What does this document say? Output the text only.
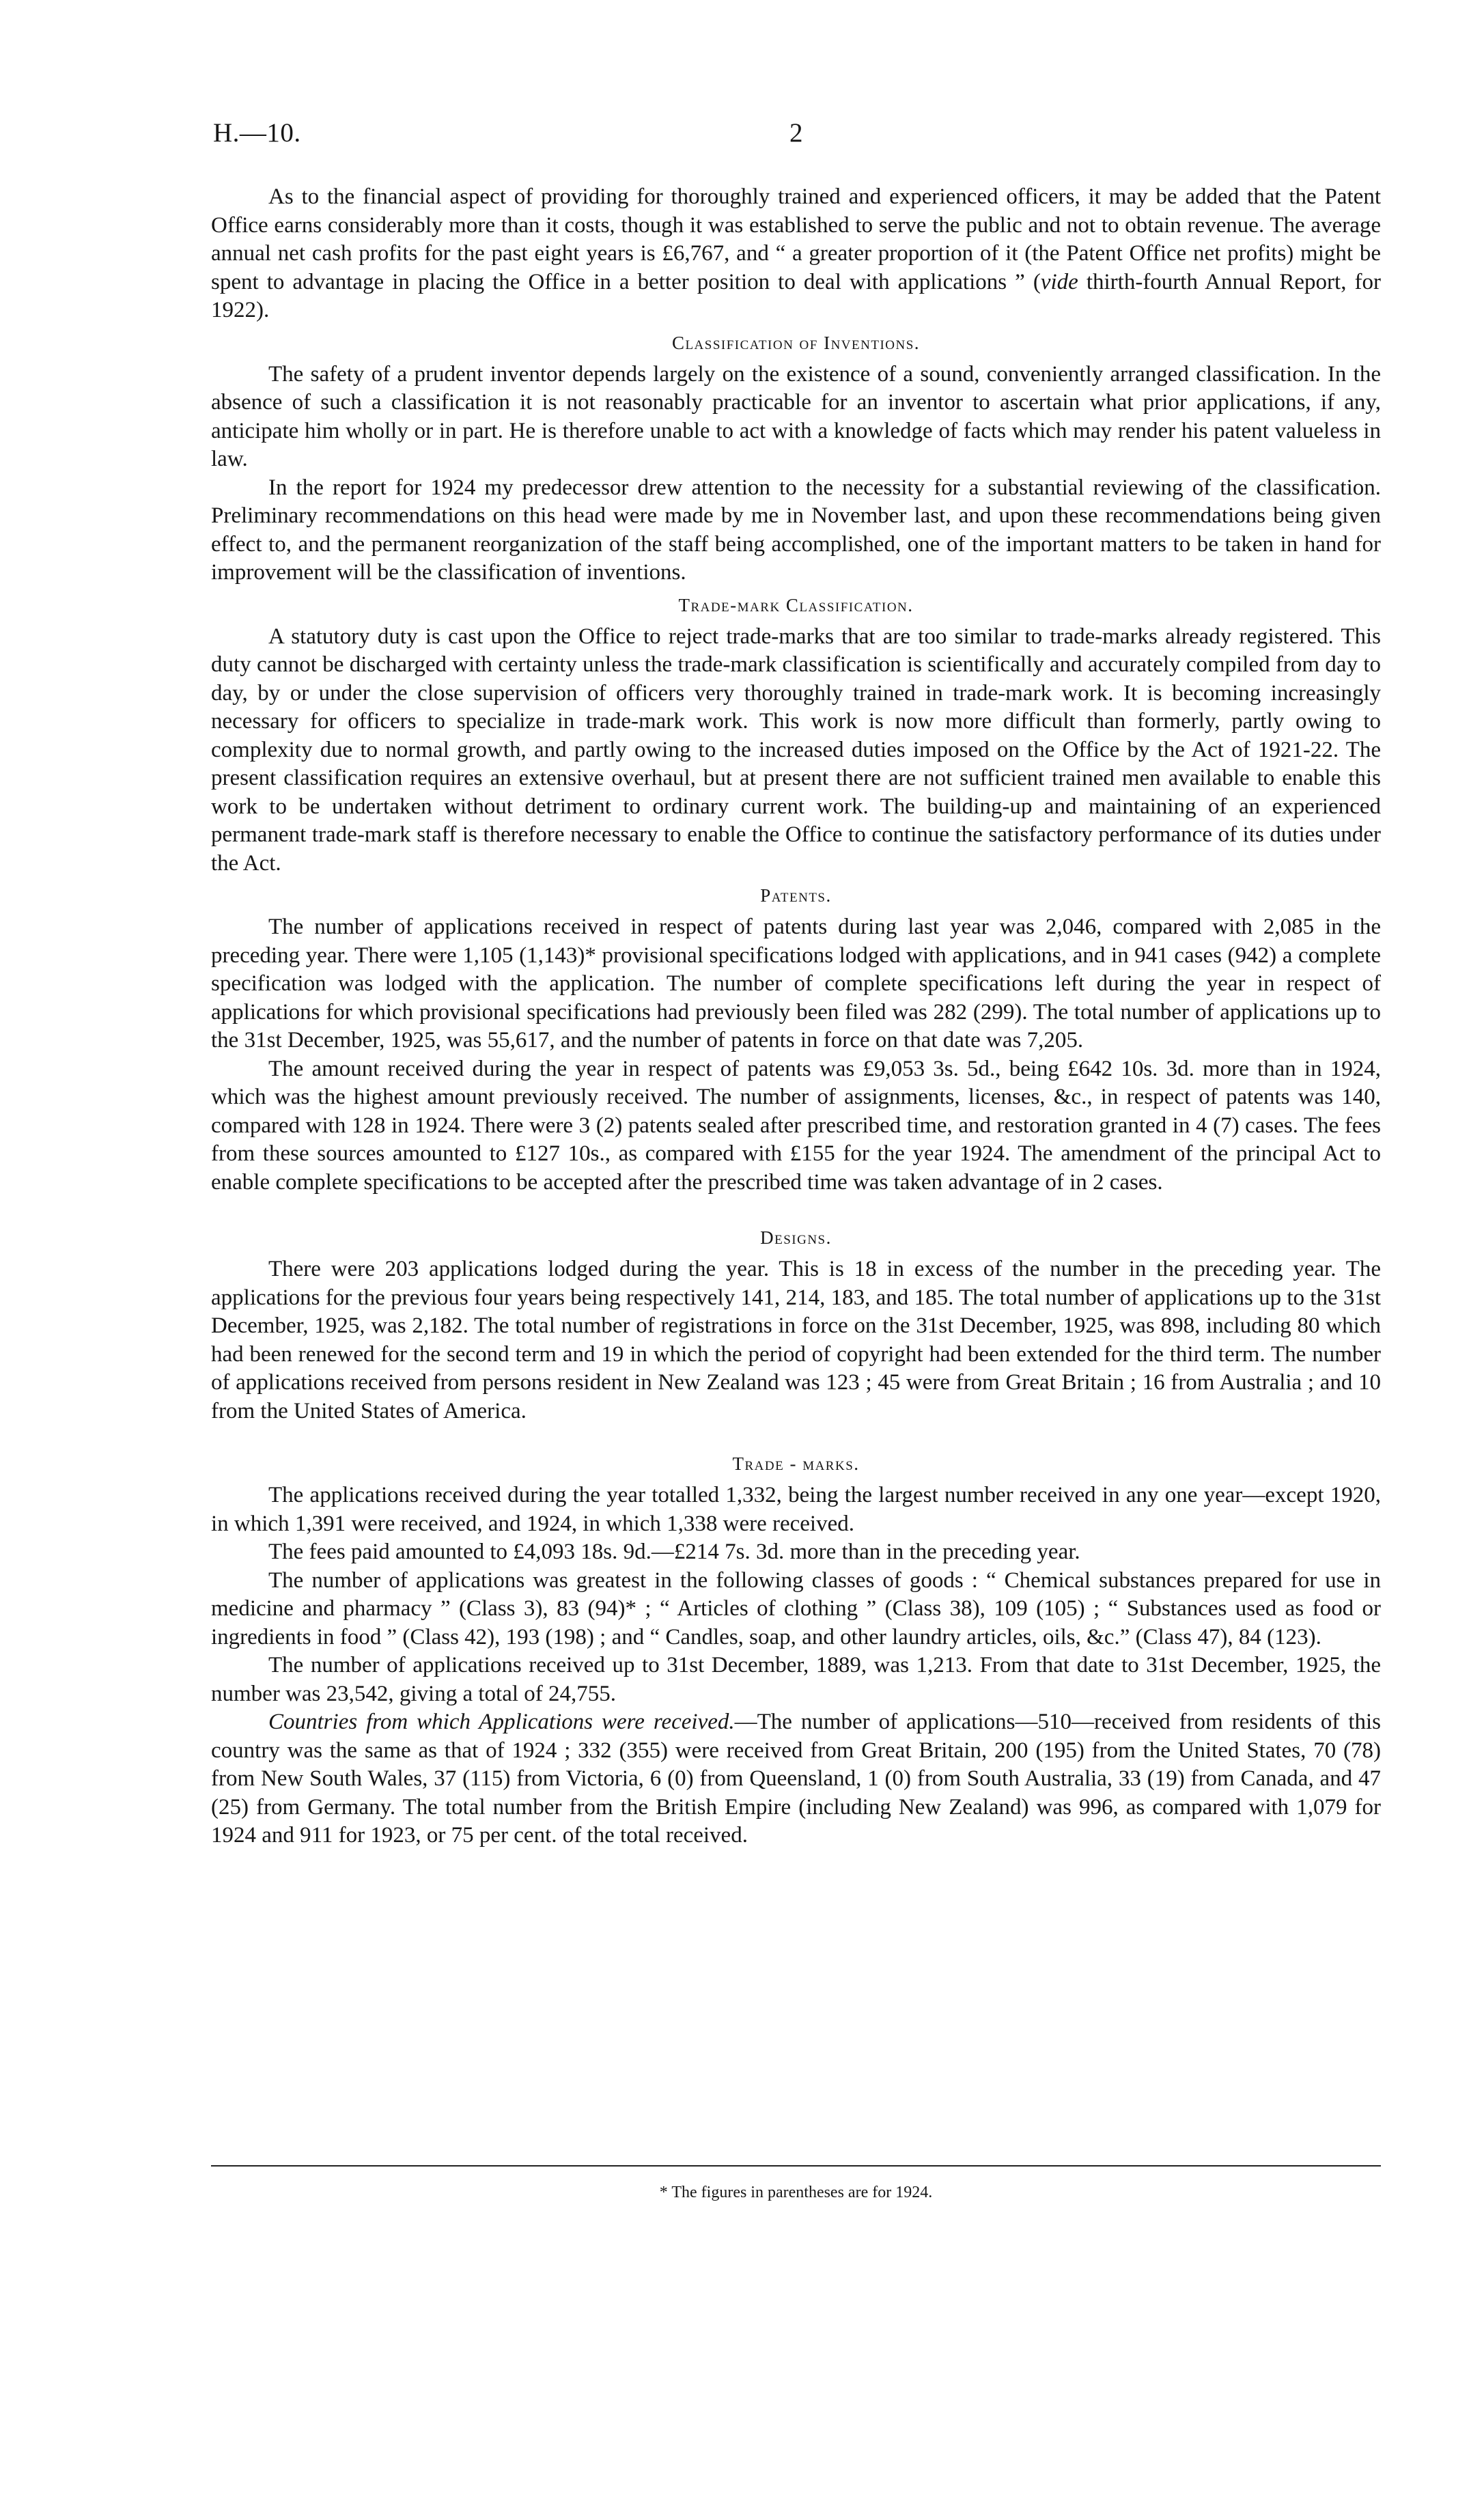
H.—10.	2

As to the financial aspect of providing for thoroughly trained and experienced officers, it may be added that the Patent Office earns considerably more than it costs, though it was established to serve the public and not to obtain revenue. The average annual net cash profits for the past eight years is £6,767, and “ a greater proportion of it (the Patent Office net profits) might be spent to advantage in placing the Office in a better position to deal with applications ” (vide thirth-fourth Annual Report, for 1922).

Classification of Inventions.

The safety of a prudent inventor depends largely on the existence of a sound, conveniently arranged classification. In the absence of such a classification it is not reasonably practicable for an inventor to ascertain what prior applications, if any, anticipate him wholly or in part. He is therefore unable to act with a knowledge of facts which may render his patent valueless in law.

In the report for 1924 my predecessor drew attention to the necessity for a substantial reviewing of the classification. Preliminary recommendations on this head were made by me in November last, and upon these recommendations being given effect to, and the permanent reorganization of the staff being accomplished, one of the important matters to be taken in hand for improvement will be the classification of inventions.

Trade-mark Classification.

A statutory duty is cast upon the Office to reject trade-marks that are too similar to trade-marks already registered. This duty cannot be discharged with certainty unless the trade-mark classification is scientifically and accurately compiled from day to day, by or under the close supervision of officers very thoroughly trained in trade-mark work. It is becoming increasingly necessary for officers to specialize in trade-mark work. This work is now more difficult than formerly, partly owing to complexity due to normal growth, and partly owing to the increased duties imposed on the Office by the Act of 1921-22. The present classification requires an extensive overhaul, but at present there are not sufficient trained men available to enable this work to be undertaken without detriment to ordinary current work. The building-up and maintaining of an experienced permanent trade-mark staff is therefore necessary to enable the Office to continue the satisfactory performance of its duties under the Act.

Patents.

The number of applications received in respect of patents during last year was 2,046, compared with 2,085 in the preceding year. There were 1,105 (1,143)* provisional specifications lodged with applications, and in 941 cases (942) a complete specification was lodged with the application. The number of complete specifications left during the year in respect of applications for which provisional specifications had previously been filed was 282 (299). The total number of applications up to the 31st December, 1925, was 55,617, and the number of patents in force on that date was 7,205.

The amount received during the year in respect of patents was £9,053 3s. 5d., being £642 10s. 3d. more than in 1924, which was the highest amount previously received. The number of assignments, licenses, &c., in respect of patents was 140, compared with 128 in 1924. There were 3 (2) patents sealed after prescribed time, and restoration granted in 4 (7) cases. The fees from these sources amounted to £127 10s., as compared with £155 for the year 1924. The amendment of the principal Act to enable complete specifications to be accepted after the prescribed time was taken advantage of in 2 cases.

Designs.

There were 203 applications lodged during the year. This is 18 in excess of the number in the preceding year. The applications for the previous four years being respectively 141, 214, 183, and 185. The total number of applications up to the 31st December, 1925, was 2,182. The total number of registrations in force on the 31st December, 1925, was 898, including 80 which had been renewed for the second term and 19 in which the period of copyright had been extended for the third term. The number of applications received from persons resident in New Zealand was 123 ; 45 were from Great Britain ; 16 from Australia ; and 10 from the United States of America.

Trade - marks.

The applications received during the year totalled 1,332, being the largest number received in any one year—except 1920, in which 1,391 were received, and 1924, in which 1,338 were received.

The fees paid amounted to £4,093 18s. 9d.—£214 7s. 3d. more than in the preceding year.

The number of applications was greatest in the following classes of goods : “ Chemical substances prepared for use in medicine and pharmacy ” (Class 3), 83 (94)* ; “ Articles of clothing ” (Class 38), 109 (105) ; “ Substances used as food or ingredients in food ” (Class 42), 193 (198) ; and “ Candles, soap, and other laundry articles, oils, &c.” (Class 47), 84 (123).

The number of applications received up to 31st December, 1889, was 1,213. From that date to 31st December, 1925, the number was 23,542, giving a total of 24,755.

Countries from which Applications were received.—The number of applications—510—received from residents of this country was the same as that of 1924 ; 332 (355) were received from Great Britain, 200 (195) from the United States, 70 (78) from New South Wales, 37 (115) from Victoria, 6 (0) from Queensland, 1 (0) from South Australia, 33 (19) from Canada, and 47 (25) from Germany. The total number from the British Empire (including New Zealand) was 996, as compared with 1,079 for 1924 and 911 for 1923, or 75 per cent. of the total received.

* The figures in parentheses are for 1924.
